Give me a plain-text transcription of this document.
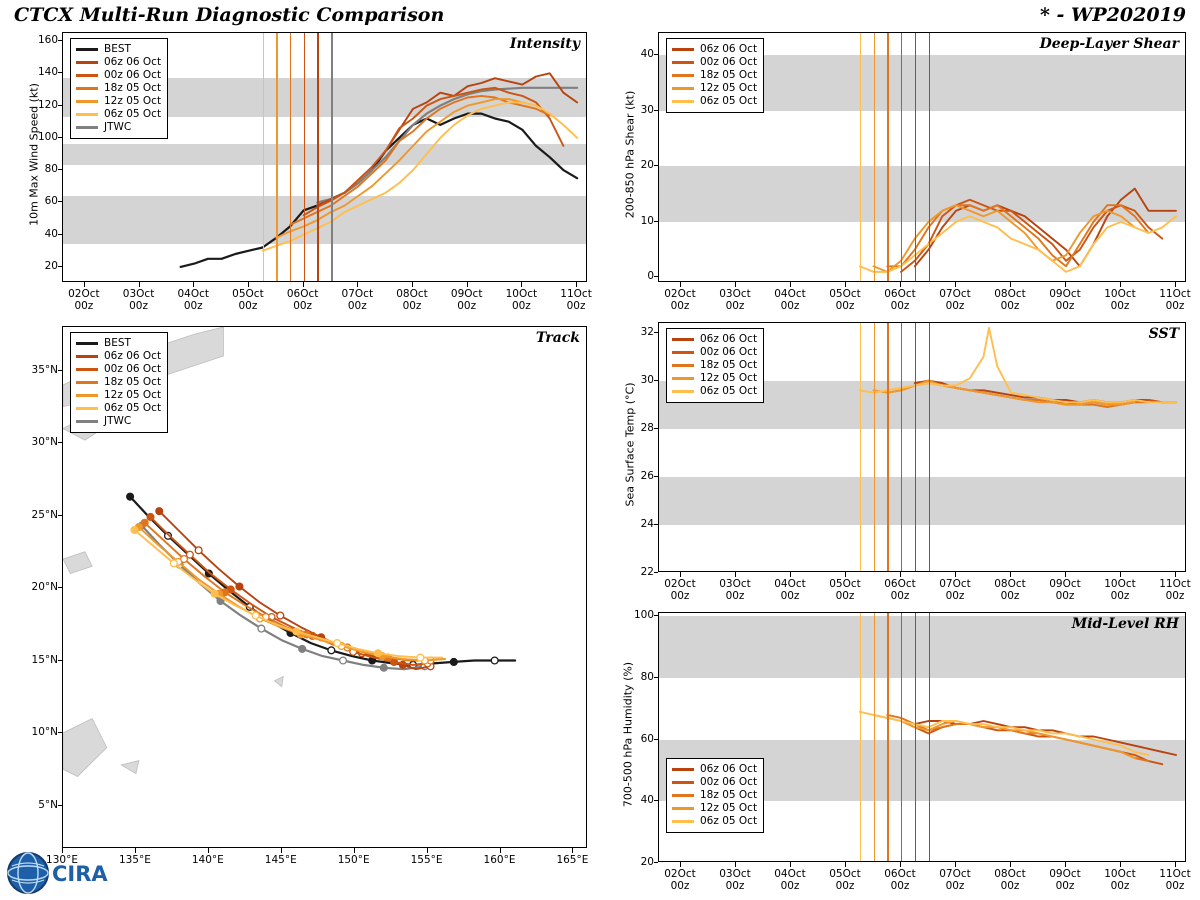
CTCX Multi-Run Diagnostic Comparison	* - WP202019
Intensity
10m Max Wind Speed (kt)
BEST
06z 06 Oct
00z 06 Oct
18z 05 Oct
12z 05 Oct
06z 05 Oct
JTWC
20
40
60
80
100
120
140
160
02Oct
00z
03Oct
00z
04Oct
00z
05Oct
00z
06Oct
00z
07Oct
00z
08Oct
00z
09Oct
00z
10Oct
00z
11Oct
00z
Track
BEST
06z 06 Oct
00z 06 Oct
18z 05 Oct
12z 05 Oct
06z 05 Oct
JTWC
5°N
10°N
15°N
20°N
25°N
30°N
35°N
130°E	135°E	140°E	145°E	150°E	155°E	160°E	165°E
Deep-Layer Shear
200-850 hPa Shear (kt)
06z 06 Oct
00z 06 Oct
18z 05 Oct
12z 05 Oct
06z 05 Oct
0
10
20
30
40
02Oct
00z
03Oct
00z
04Oct
00z
05Oct
00z
06Oct
00z
07Oct
00z
08Oct
00z
09Oct
00z
10Oct
00z
11Oct
00z
SST
Sea Surface Temp (°C)
06z 06 Oct
00z 06 Oct
18z 05 Oct
12z 05 Oct
06z 05 Oct
22
24
26
28
30
32
02Oct
00z
03Oct
00z
04Oct
00z
05Oct
00z
06Oct
00z
07Oct
00z
08Oct
00z
09Oct
00z
10Oct
00z
11Oct
00z
Mid-Level RH
700-500 hPa Humidity (%)	06z 06 Oct
00z 06 Oct
18z 05 Oct
12z 05 Oct
06z 05 Oct
20
40
60
80
100
02Oct
00z
03Oct
00z
04Oct
00z
05Oct
00z
06Oct
00z
07Oct
00z
08Oct
00z
09Oct
00z
10Oct
00z
11Oct
00z
CIRA
